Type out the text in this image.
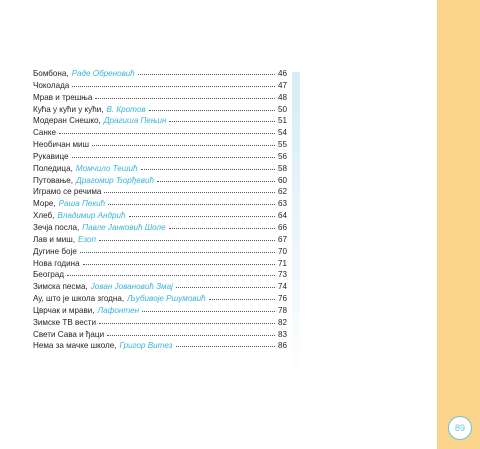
89
Бомбона, Раде Обреновић	46
Чоколада	47
Мрав и трешња	48
Кућа у кући у кући, В. Кротов	50
Модеран Снешко, Драгиша Пењин	51
Санке	54
Необичан миш	55
Рукавице	56
Поледица, Момчило Тешић	58
Путовање, Драгомир Ђорђевић	60
Играмо се речима	62
Море, Раша Пекић	63
Хлеб, Владимир Андрић	64
Зечја посла, Павле Јанковић Шоле	66
Лав и миш, Езоп	67
Дугине боје	70
Нова година	71
Београд	73
Зимска песма, Јован Јовановић Змај	74
Ау, што је школа згодна, Љубивоје Ршумовић	76
Цврчак и мрави, Лафонтен	78
Зимске ТВ вести	82
Свети Сава и ђаци	83
Нема за мачке школе, Григор Витез	86
